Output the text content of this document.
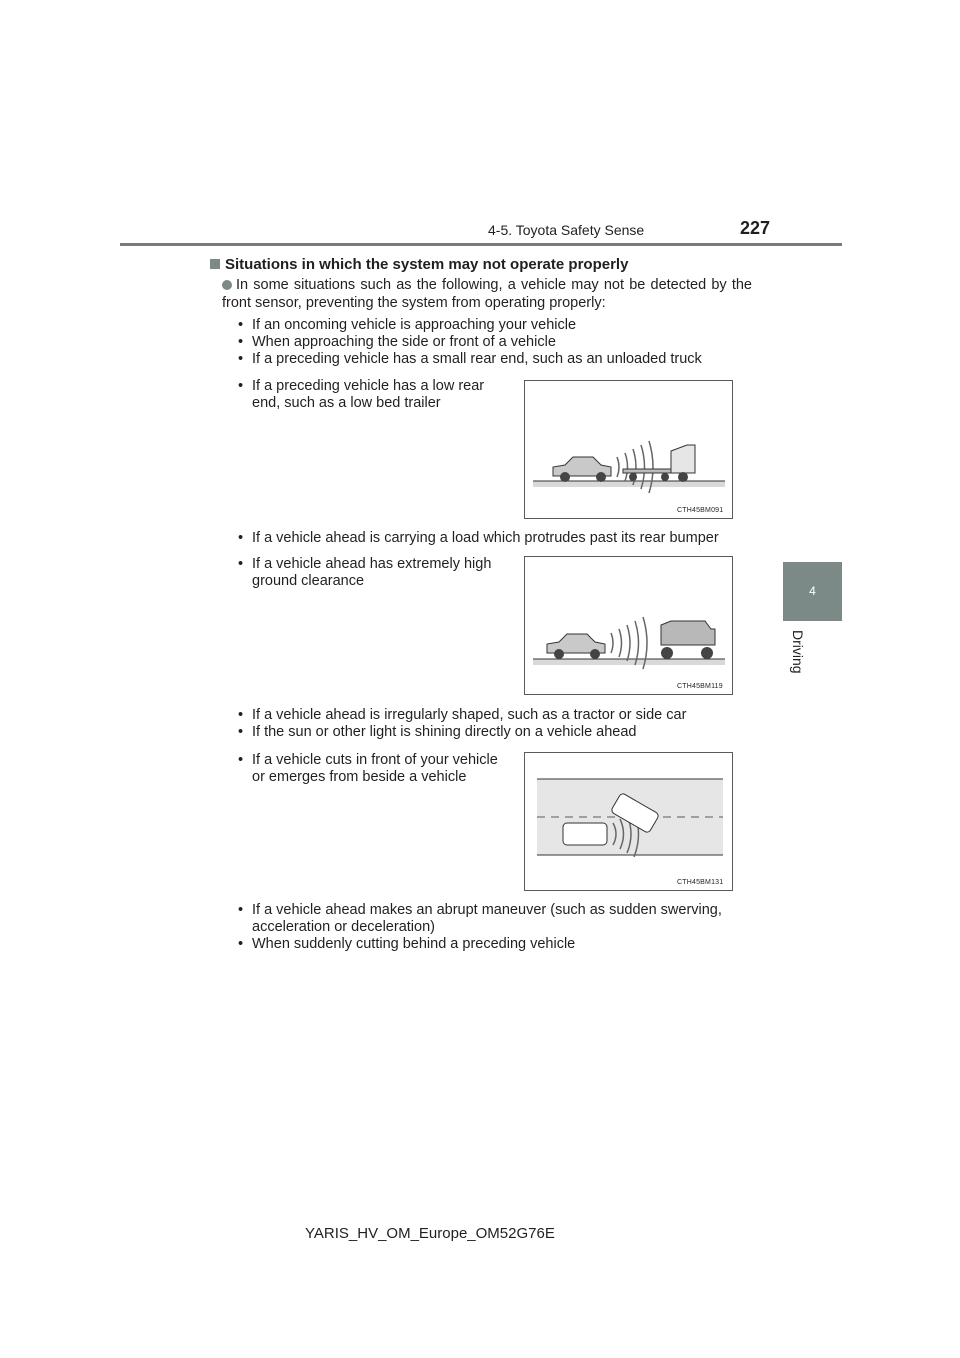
4-5. Toyota Safety Sense	227
4
Driving
Situations in which the system may not operate properly
In some situations such as the following, a vehicle may not be detected by the front sensor, preventing the system from operating properly:
• If an oncoming vehicle is approaching your vehicle
• When approaching the side or front of a vehicle
• If a preceding vehicle has a small rear end, such as an unloaded truck
• If a preceding vehicle has a low rear
end, such as a low bed trailer
CTH45BM091
• If a vehicle ahead is carrying a load which protrudes past its rear bumper
• If a vehicle ahead has extremely high
ground clearance
CTH45BM119
• If a vehicle ahead is irregularly shaped, such as a tractor or side car
• If the sun or other light is shining directly on a vehicle ahead
• If a vehicle cuts in front of your vehicle
or emerges from beside a vehicle
CTH45BM131
• If a vehicle ahead makes an abrupt maneuver (such as sudden swerving,
acceleration or deceleration)
• When suddenly cutting behind a preceding vehicle
YARIS_HV_OM_Europe_OM52G76E
